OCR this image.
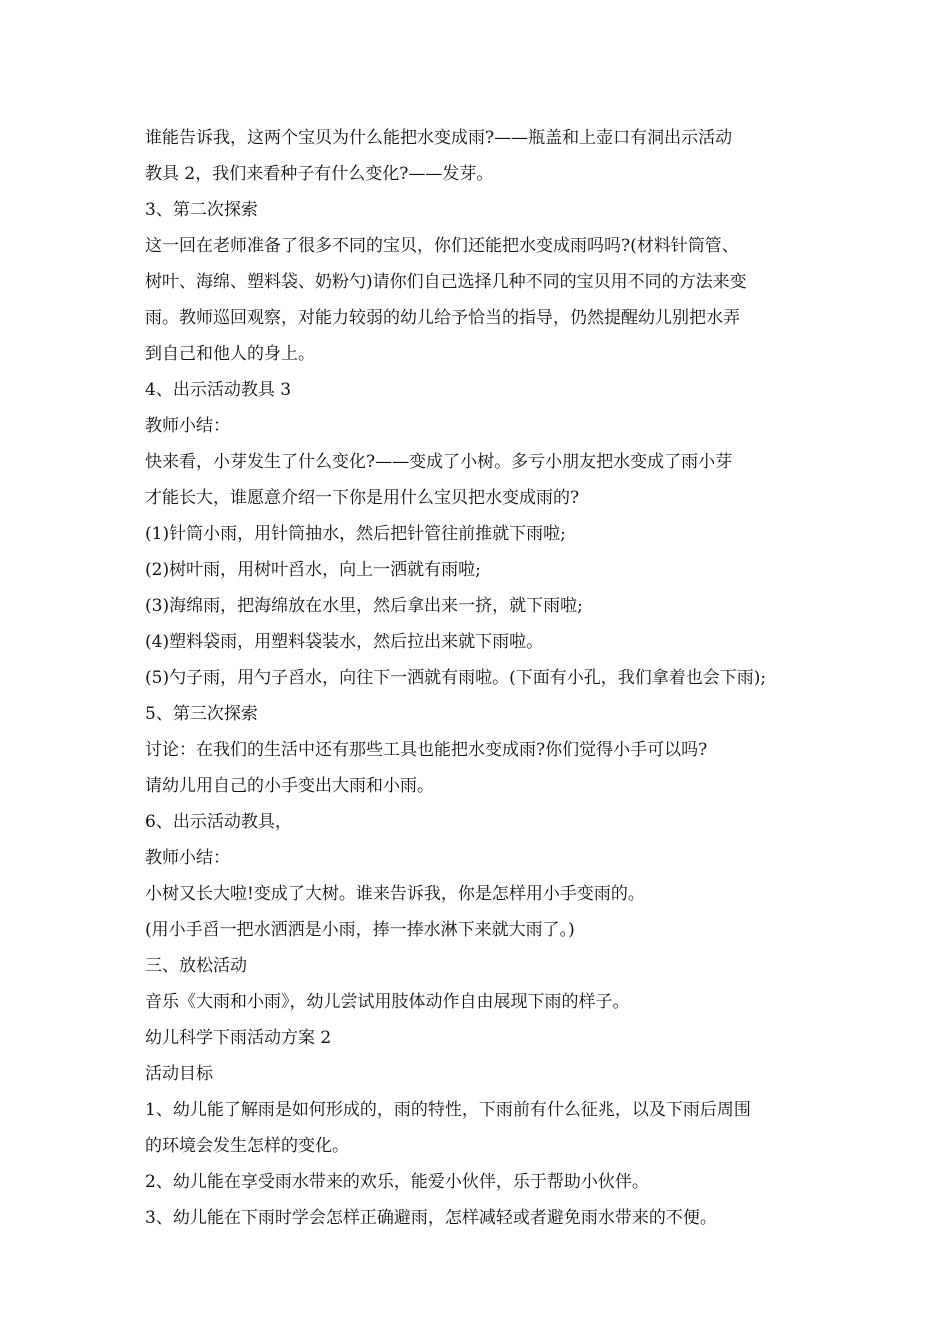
谁能告诉我，这两个宝贝为什么能把水变成雨?——瓶盖和上壶口有洞出示活动
教具 2，我们来看种子有什么变化?——发芽。
3、第二次探索
这一回在老师准备了很多不同的宝贝，你们还能把水变成雨吗吗?(材料针筒管、
树叶、海绵、塑料袋、奶粉勺)请你们自己选择几种不同的宝贝用不同的方法来变
雨。教师巡回观察，对能力较弱的幼儿给予恰当的指导，仍然提醒幼儿别把水弄
到自己和他人的身上。
4、出示活动教具 3
教师小结：
快来看，小芽发生了什么变化?——变成了小树。多亏小朋友把水变成了雨小芽
才能长大，谁愿意介绍一下你是用什么宝贝把水变成雨的?
(1)针筒小雨，用针筒抽水，然后把针管往前推就下雨啦;
(2)树叶雨，用树叶舀水，向上一洒就有雨啦;
(3)海绵雨，把海绵放在水里，然后拿出来一挤，就下雨啦;
(4)塑料袋雨，用塑料袋装水，然后拉出来就下雨啦。
(5)勺子雨，用勺子舀水，向往下一洒就有雨啦。(下面有小孔，我们拿着也会下雨);
5、第三次探索
讨论：在我们的生活中还有那些工具也能把水变成雨?你们觉得小手可以吗?
请幼儿用自己的小手变出大雨和小雨。
6、出示活动教具，
教师小结：
小树又长大啦!变成了大树。谁来告诉我，你是怎样用小手变雨的。
(用小手舀一把水洒洒是小雨，捧一捧水淋下来就大雨了。)
三、放松活动
音乐《大雨和小雨》，幼儿尝试用肢体动作自由展现下雨的样子。
幼儿科学下雨活动方案 2
活动目标
1、幼儿能了解雨是如何形成的，雨的特性，下雨前有什么征兆，以及下雨后周围
的环境会发生怎样的变化。
2、幼儿能在享受雨水带来的欢乐，能爱小伙伴，乐于帮助小伙伴。
3、幼儿能在下雨时学会怎样正确避雨，怎样减轻或者避免雨水带来的不便。
